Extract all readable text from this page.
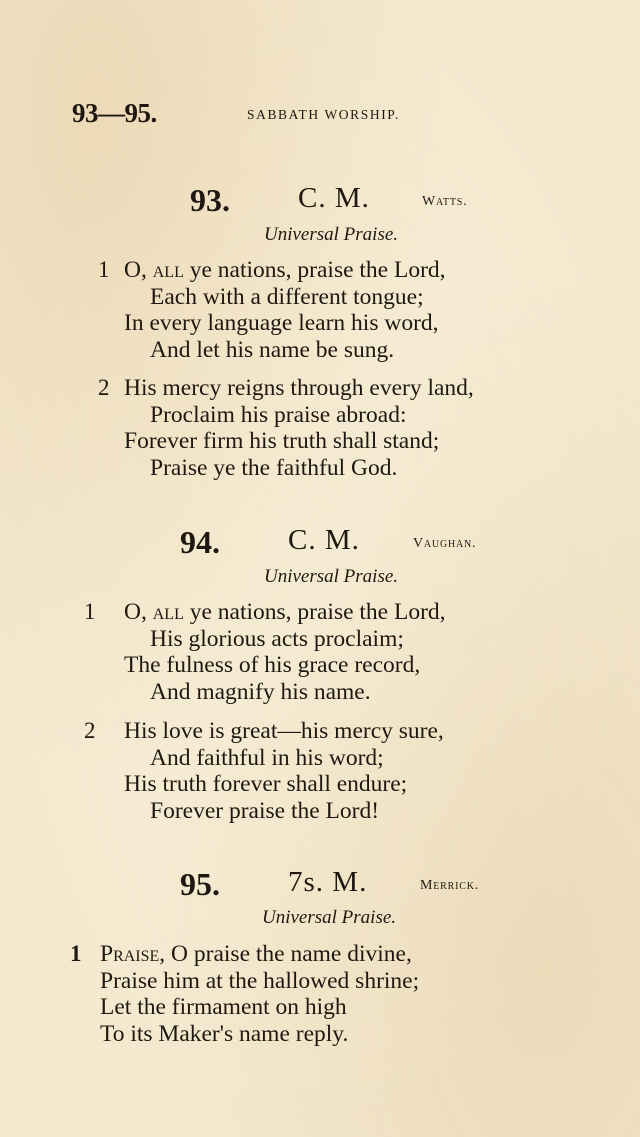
93—95.	SABBATH WORSHIP.
93. C. M.	Watts.
Universal Praise.
1 O, all ye nations, praise the Lord,
Each with a different tongue;
In every language learn his word,
And let his name be sung.
2 His mercy reigns through every land,
Proclaim his praise abroad:
Forever firm his truth shall stand;
Praise ye the faithful God.
94. C. M.	Vaughan.
Universal Praise.
1 O, all ye nations, praise the Lord,
His glorious acts proclaim;
The fulness of his grace record,
And magnify his name.
2 His love is great—his mercy sure,
And faithful in his word;
His truth forever shall endure;
Forever praise the Lord!
95. 7s. M.	Merrick.
Universal Praise.
1 Praise, O praise the name divine,
Praise him at the hallowed shrine;
Let the firmament on high
To its Maker's name reply.
